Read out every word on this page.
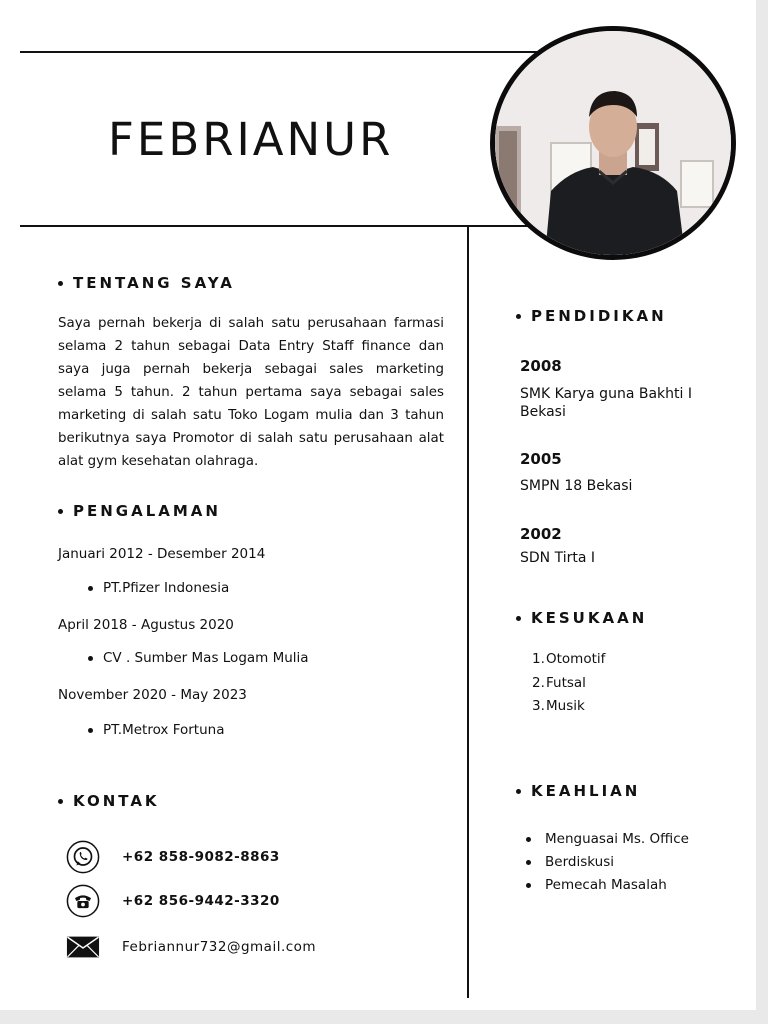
FEBRIANUR
TENTANG SAYA

Saya pernah bekerja di salah satu perusahaan farmasi selama 2 tahun sebagai Data Entry Staff finance dan saya juga pernah bekerja sebagai sales marketing selama 5 tahun. 2 tahun pertama saya sebagai sales marketing di salah satu Toko Logam mulia dan 3 tahun berikutnya saya Promotor di salah satu perusahaan alat alat gym kesehatan olahraga.

PENGALAMAN
Januari 2012 - Desember 2014
PT.Pfizer Indonesia
April 2018 - Agustus 2020
CV . Sumber Mas Logam Mulia
November 2020 - May 2023
PT.Metrox Fortuna
KONTAK
+62 858-9082-8863
+62 856-9442-3320
Febriannur732@gmail.com
PENDIDIKAN
2008
SMK Karya guna Bakhti I Bekasi
2005
SMPN 18 Bekasi
2002
SDN Tirta I
KESUKAAN
1.Otomotif
2.Futsal
3.Musik
KEAHLIAN
Menguasai Ms. Office
Berdiskusi
Pemecah Masalah
